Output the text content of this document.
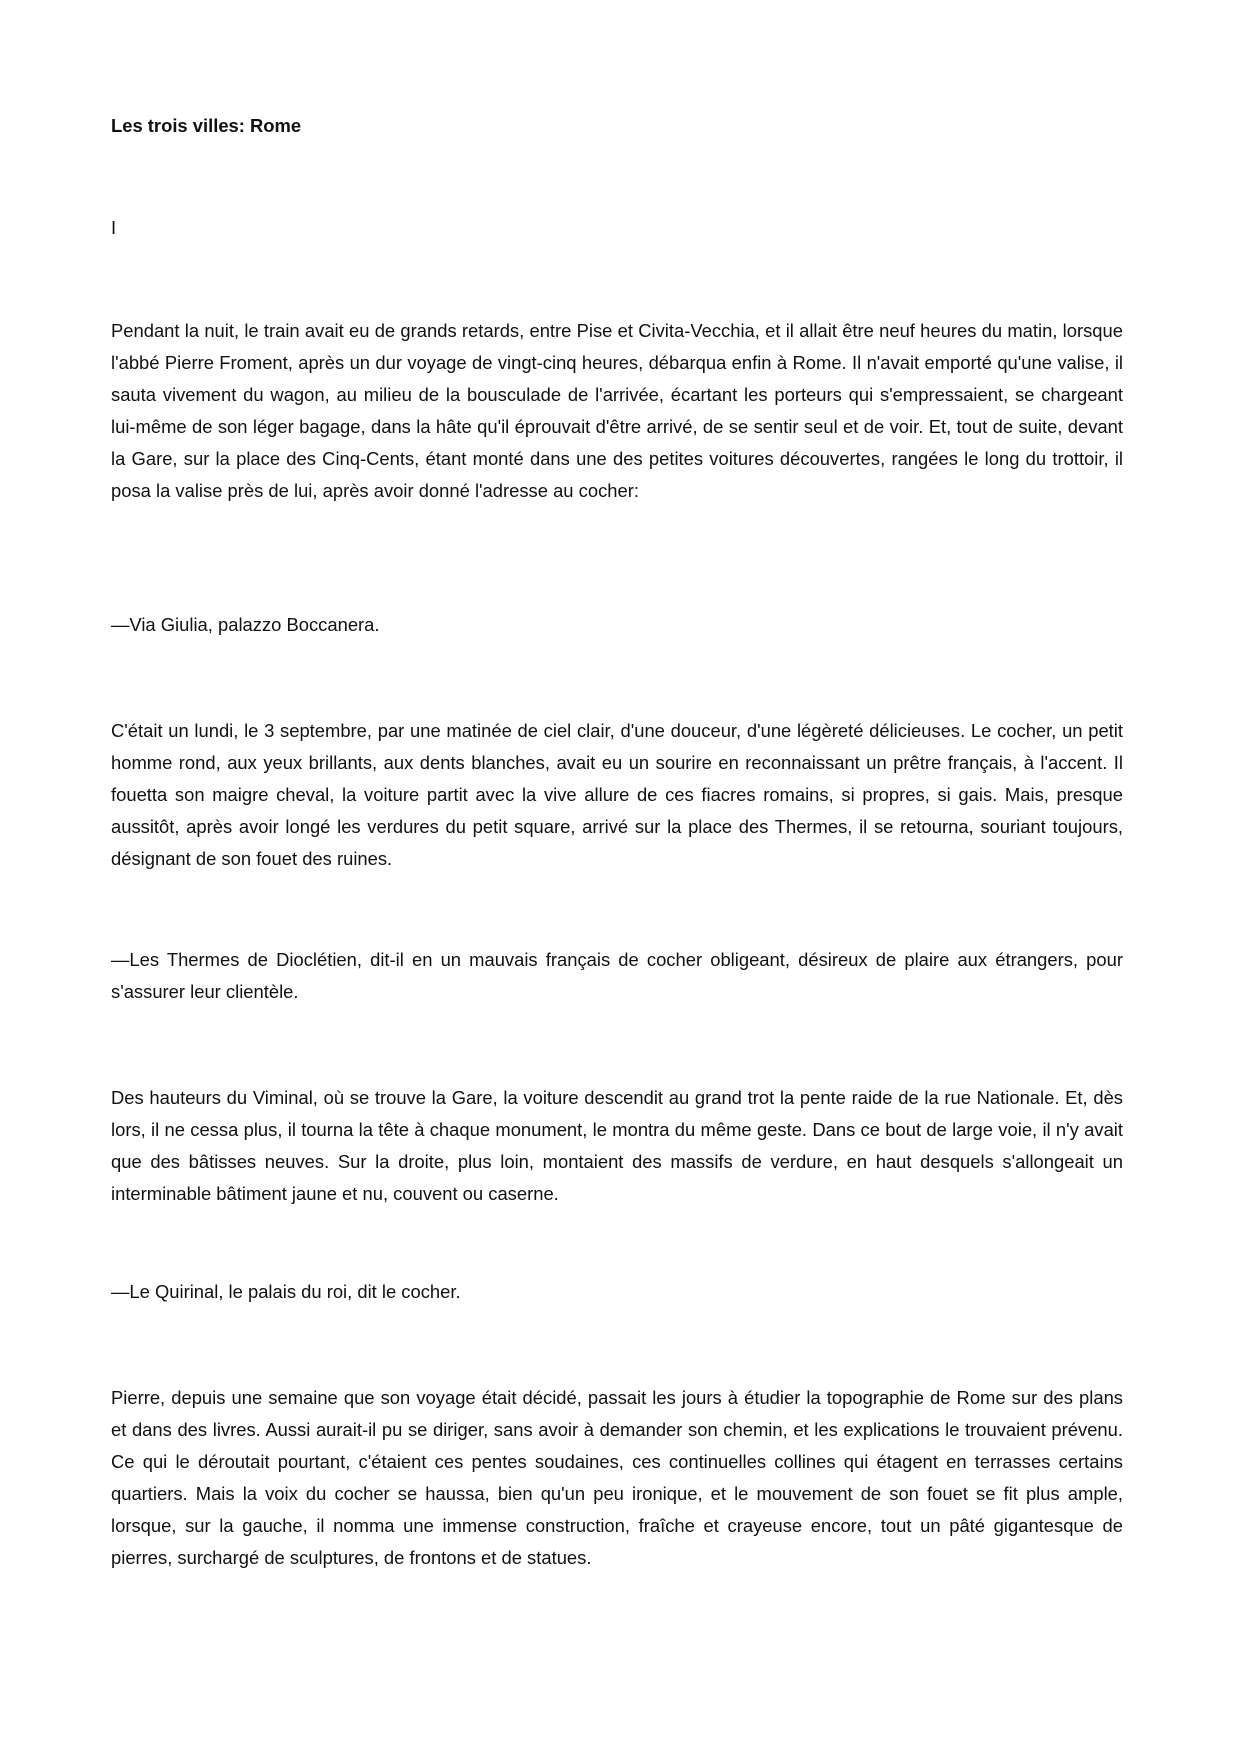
Les trois villes: Rome

I

Pendant la nuit, le train avait eu de grands retards, entre Pise et Civita-Vecchia, et il allait être neuf heures du matin, lorsque l'abbé Pierre Froment, après un dur voyage de vingt-cinq heures, débarqua enfin à Rome. Il n'avait emporté qu'une valise, il sauta vivement du wagon, au milieu de la bousculade de l'arrivée, écartant les porteurs qui s'empressaient, se chargeant lui-même de son léger bagage, dans la hâte qu'il éprouvait d'être arrivé, de se sentir seul et de voir. Et, tout de suite, devant la Gare, sur la place des Cinq-Cents, étant monté dans une des petites voitures découvertes, rangées le long du trottoir, il posa la valise près de lui, après avoir donné l'adresse au cocher:

—Via Giulia, palazzo Boccanera.

C'était un lundi, le 3 septembre, par une matinée de ciel clair, d'une douceur, d'une légèreté délicieuses. Le cocher, un petit homme rond, aux yeux brillants, aux dents blanches, avait eu un sourire en reconnaissant un prêtre français, à l'accent. Il fouetta son maigre cheval, la voiture partit avec la vive allure de ces fiacres romains, si propres, si gais. Mais, presque aussitôt, après avoir longé les verdures du petit square, arrivé sur la place des Thermes, il se retourna, souriant toujours, désignant de son fouet des ruines.

—Les Thermes de Dioclétien, dit-il en un mauvais français de cocher obligeant, désireux de plaire aux étrangers, pour s'assurer leur clientèle.

Des hauteurs du Viminal, où se trouve la Gare, la voiture descendit au grand trot la pente raide de la rue Nationale. Et, dès lors, il ne cessa plus, il tourna la tête à chaque monument, le montra du même geste. Dans ce bout de large voie, il n'y avait que des bâtisses neuves. Sur la droite, plus loin, montaient des massifs de verdure, en haut desquels s'allongeait un interminable bâtiment jaune et nu, couvent ou caserne.

—Le Quirinal, le palais du roi, dit le cocher.

Pierre, depuis une semaine que son voyage était décidé, passait les jours à étudier la topographie de Rome sur des plans et dans des livres. Aussi aurait-il pu se diriger, sans avoir à demander son chemin, et les explications le trouvaient prévenu. Ce qui le déroutait pourtant, c'étaient ces pentes soudaines, ces continuelles collines qui étagent en terrasses certains quartiers. Mais la voix du cocher se haussa, bien qu'un peu ironique, et le mouvement de son fouet se fit plus ample, lorsque, sur la gauche, il nomma une immense construction, fraîche et crayeuse encore, tout un pâté gigantesque de pierres, surchargé de sculptures, de frontons et de statues.
